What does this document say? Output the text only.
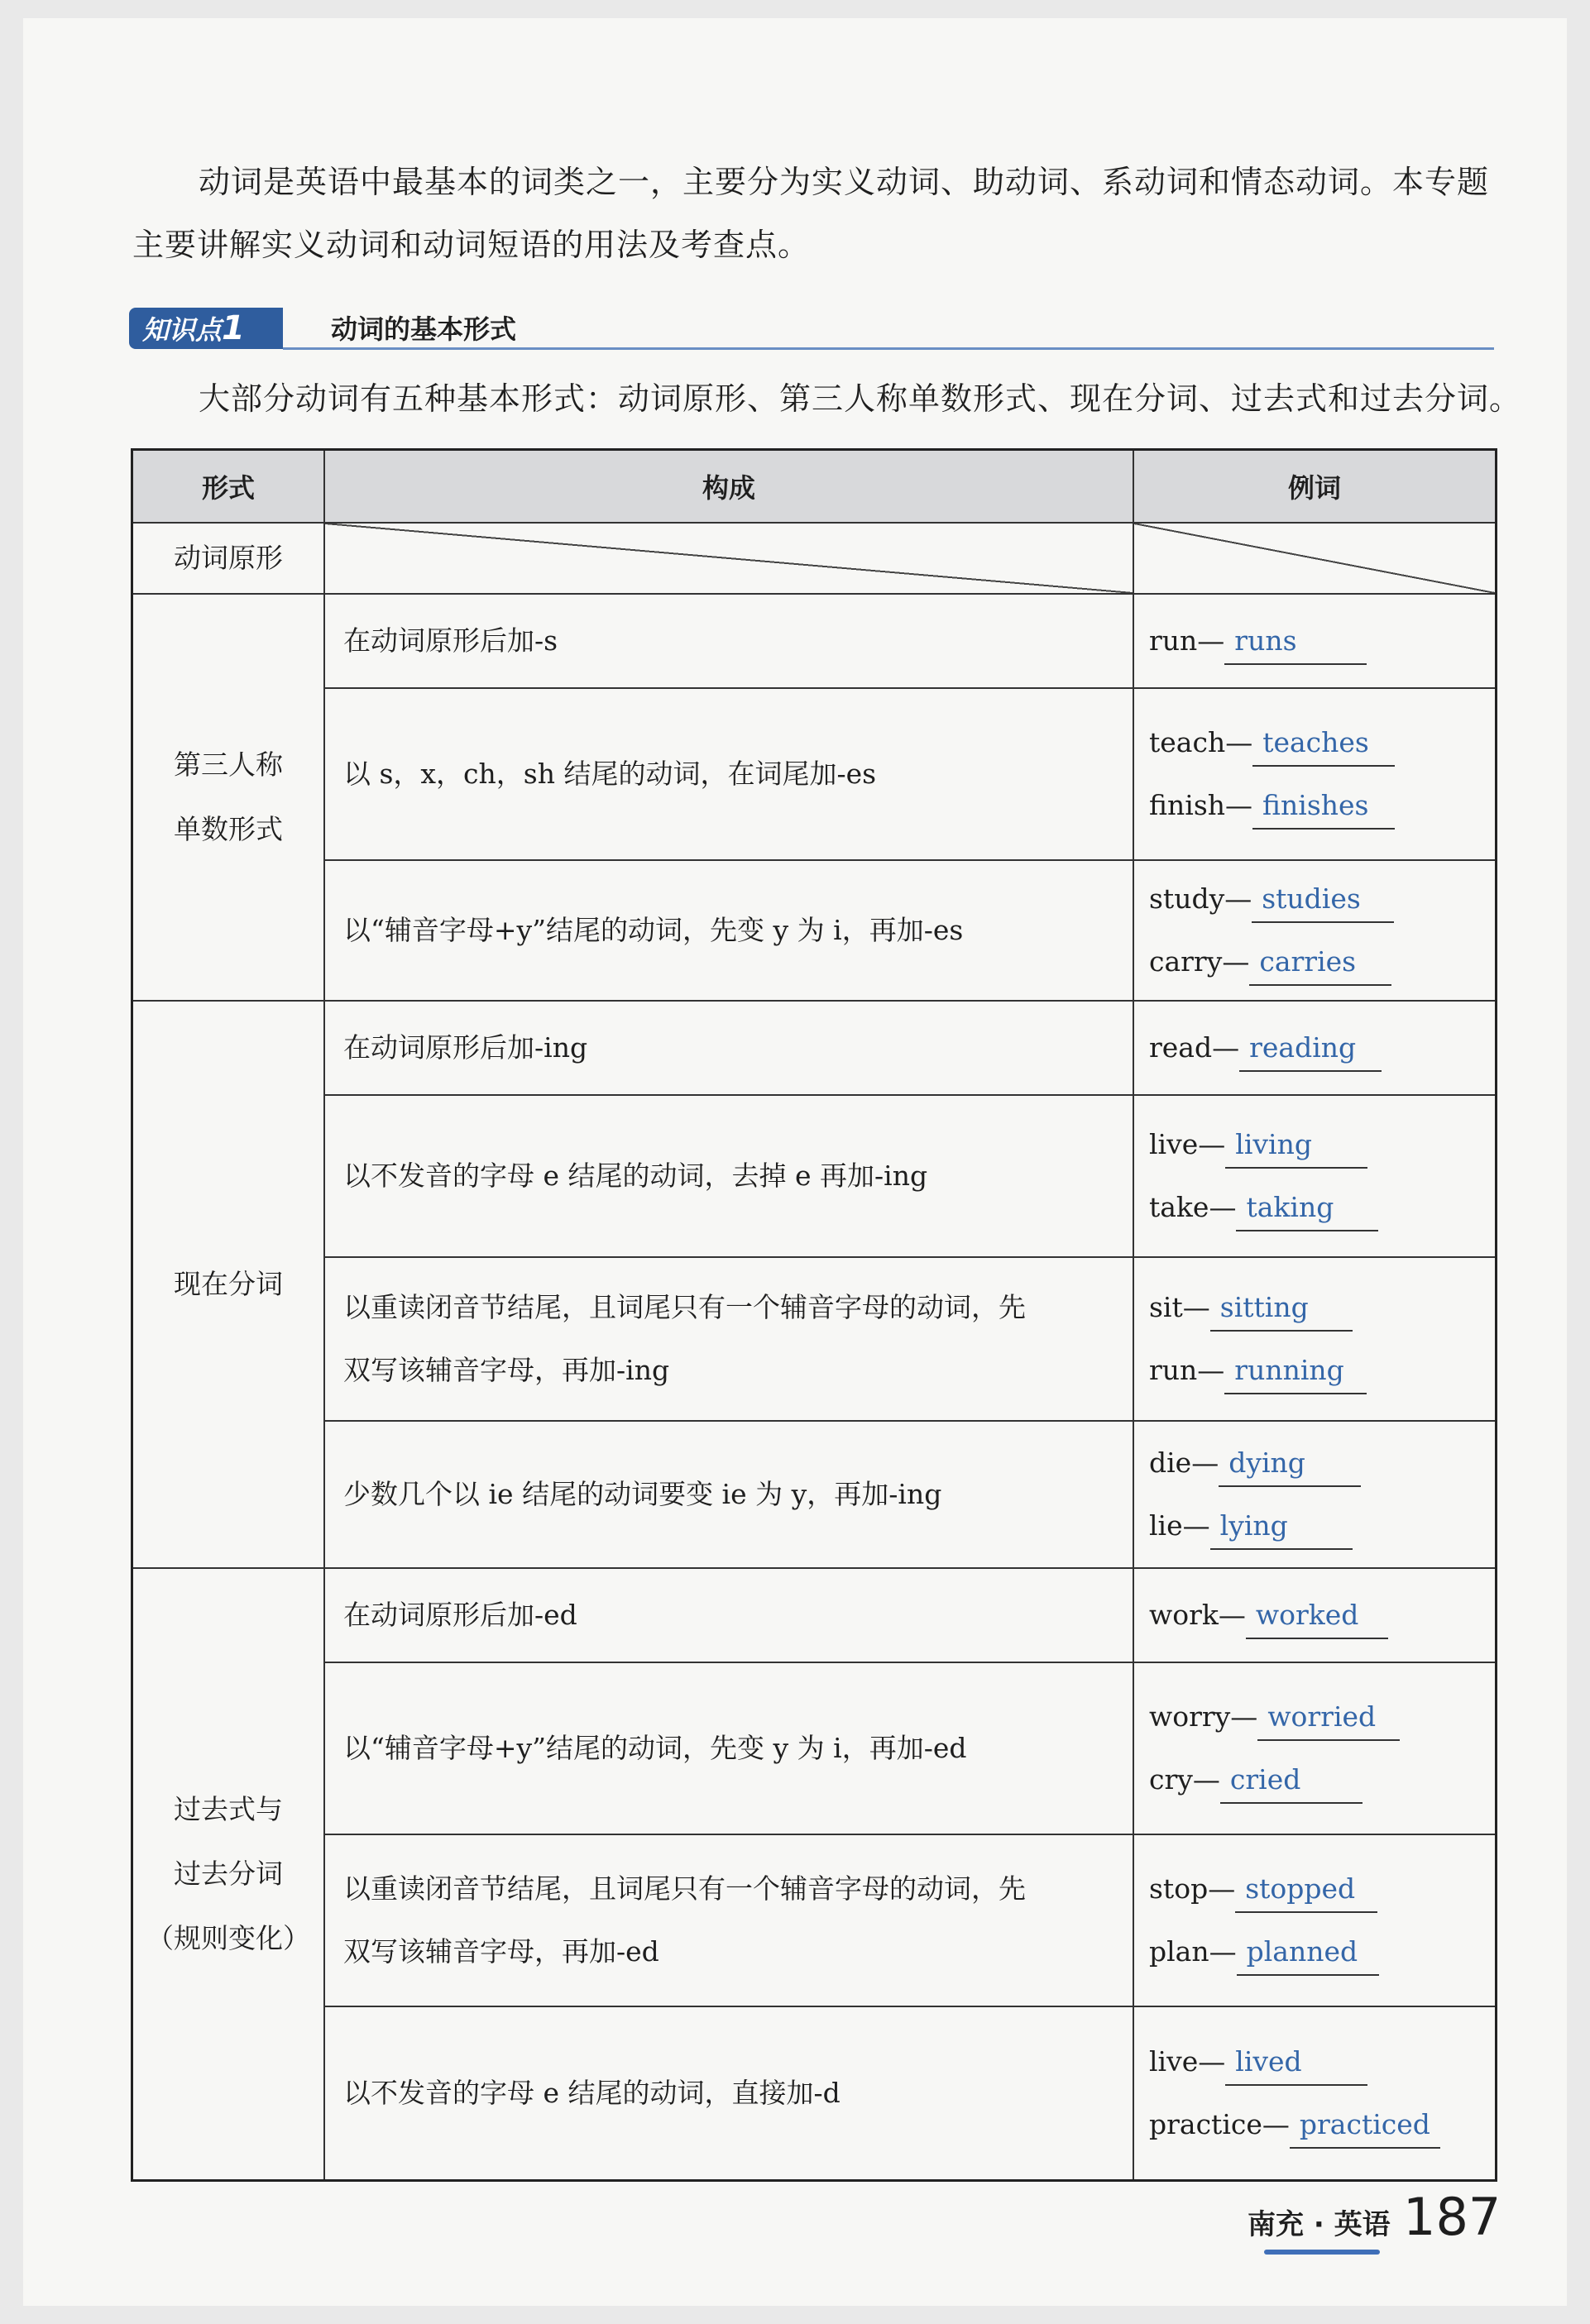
动词是英语中最基本的词类之一，主要分为实义动词、助动词、系动词和情态动词。本专题主要讲解实义动词和动词短语的用法及考查点。

知识点1	动词的基本形式
大部分动词有五种基本形式：动词原形、第三人称单数形式、现在分词、过去式和过去分词。
形式	构成	例词
动词原形		

第三人称
单数形式	在动词原形后加-s	run— runs

	以 s，x，ch，sh 结尾的动词，在词尾加-es	teach— teaches
finish— finishes

	以“辅音字母+y”结尾的动词，先变 y 为 i，再加-es	study— studies
carry— carries

现在分词	在动词原形后加-ing	read— reading

	以不发音的字母 e 结尾的动词，去掉 e 再加-ing	live— living
take— taking

	以重读闭音节结尾，且词尾只有一个辅音字母的动词，先
双写该辅音字母，再加-ing	sit— sitting
run— running

	少数几个以 ie 结尾的动词要变 ie 为 y，再加-ing	die— dying
lie— lying

过去式与
过去分词
（规则变化）	在动词原形后加-ed	work— worked

	以“辅音字母+y”结尾的动词，先变 y 为 i，再加-ed	worry— worried
cry— cried

	以重读闭音节结尾，且词尾只有一个辅音字母的动词，先
双写该辅音字母，再加-ed	stop— stopped
plan— planned

	以不发音的字母 e 结尾的动词，直接加-d	live— lived
practice— practiced
南充 · 英语 187
